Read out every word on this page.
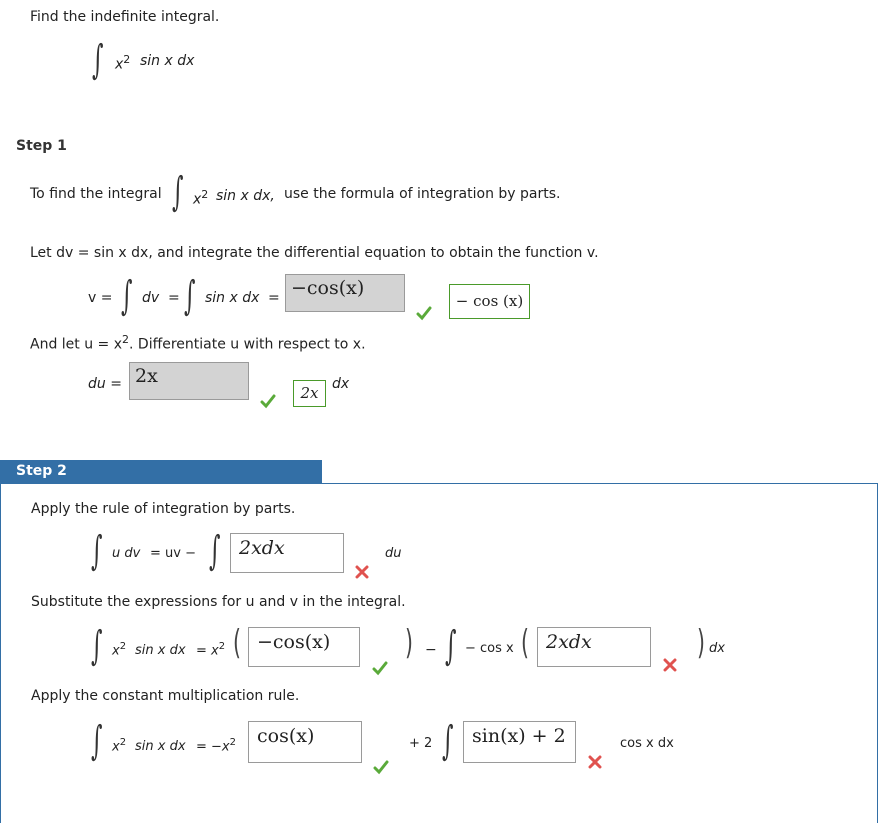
Find the indefinite integral.
∫ $x^2$ sin x dx
Step 1
To find the integral ∫ $x^2$ sin x dx, use the formula of integration by parts.
Let dv = sin x dx, and integrate the differential equation to obtain the function v.
v = ∫ dv = ∫ sin x dx = −cos(x)
− cos (x)
And let $u = x^2$. Differentiate u with respect to x.
du = 2x
2x dx
Step 2
Apply the rule of integration by parts.
∫ u dv = uv − ∫ 2xdx	du
Substitute the expressions for u and v in the integral.
∫ $x^2$ sin x dx = $x^2$ ( −cos(x)	) − ∫ − cos x ( 2xdx	) dx
Apply the constant multiplication rule.
∫ $x^2$ sin x dx = $-x^2$	cos(x)	+ 2 ∫ sin(x) + 2	cos x dx
